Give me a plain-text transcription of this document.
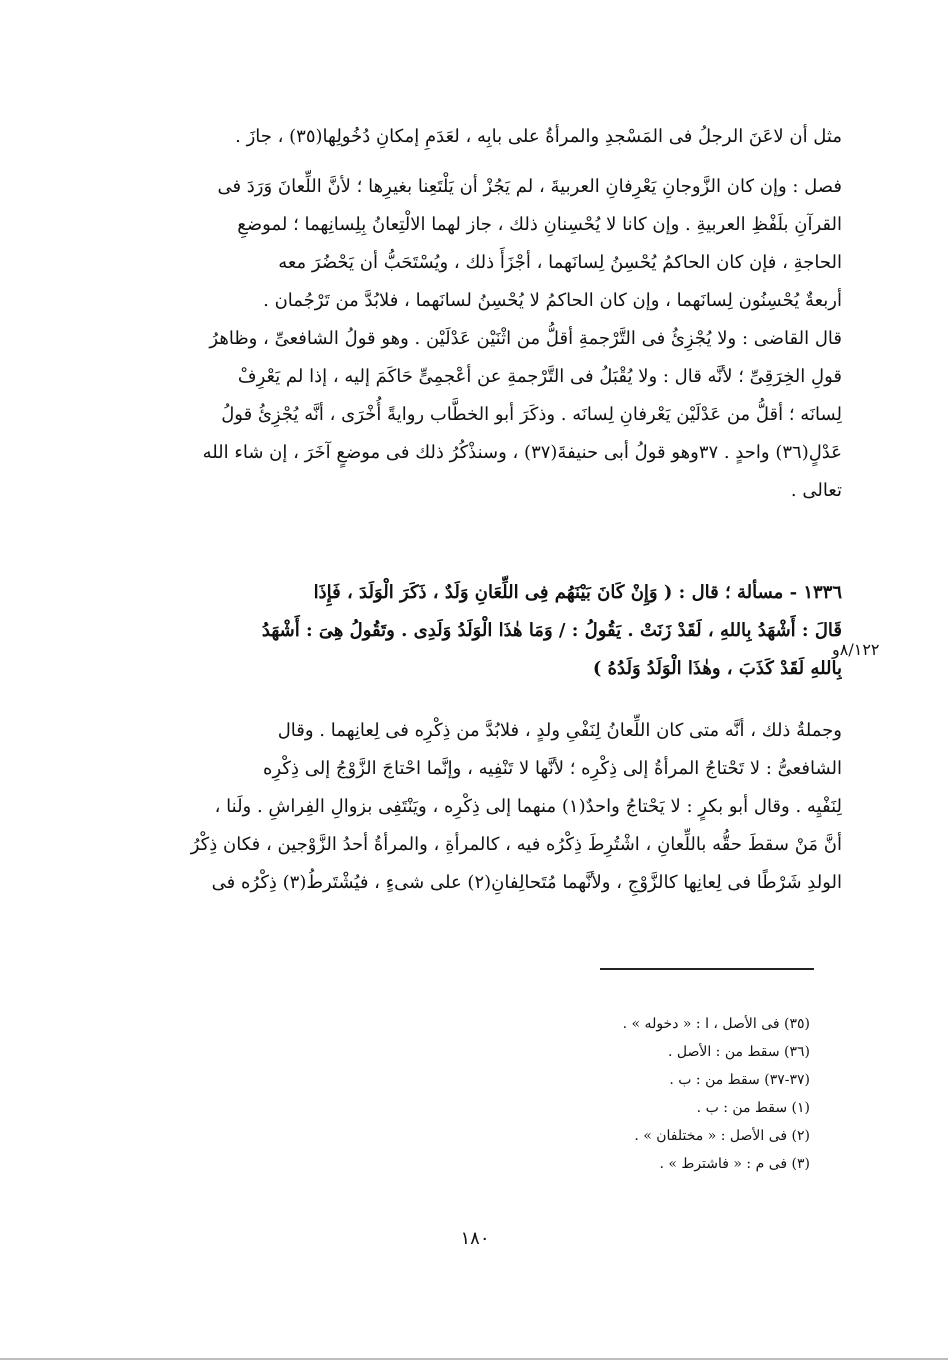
مثل أن لاعَنَ الرجلُ فى المَسْجدِ والمرأةُ على بابِه ، لعَدَمِ إمكانِ دُخُولِها(٣٥) ، جازَ .
فصل : وإن كان الزَّوجانِ يَعْرِفانِ العربيةَ ، لم يَجُزْ أن يَلْتَعِنا بغيرِها ؛ لأنَّ اللِّعانَ وَرَدَ فى
القرآنِ بلَفْظِ العربيةِ . وإن كانا لا يُحْسِنانِ ذلك ، جاز لهما الالْتِعانُ بِلِسانِهما ؛ لموضعِ
الحاجةِ ، فإن كان الحاكمُ يُحْسِنُ لِسانَهما ، أجْزَأَ ذلك ، ويُسْتَحَبُّ أن يَحْضُرَ معه
أربعةٌ يُحْسِنُون لِسانَهما ، وإن كان الحاكمُ لا يُحْسِنُ لسانَهما ، فلابُدَّ من تَرْجُمان .
قال القاضى : ولا يُجْزِئُ فى التَّرْجمةِ أقلُّ من اثْنَيْن عَدْلَيْن . وهو قولُ الشافعىِّ ، وظاهرُ
قولِ الخِرَقِىِّ ؛ لأنَّه قال : ولا يُقْبَلُ فى التَّرْجمةِ عن أعْجمِىٍّ حَاكَمَ إليه ، إذا لم يَعْرِفْ
لِسانَه ؛ أقلُّ من عَدْلَيْن يَعْرفانِ لِسانَه . وذكَرَ أبو الخطَّاب روايةً أُخْرَى ، أنَّه يُجْزِئُ قولُ
عَدْلٍ(٣٦) واحدٍ . ٣٧وهو قولُ أبى حنيفةَ(٣٧) ، وسنذْكُرُ ذلك فى موضعٍ آخَرَ ، إن شاء الله
تعالى .
١٣٣٦ - مسألة ؛ قال : ( وَإِنْ كَانَ بَيْنَهُم فِى اللِّعَانِ وَلَدٌ ، ذَكَرَ الْوَلَدَ ، فَإِذَا
قَالَ : أَشْهَدُ بِاللهِ ، لَقَدْ زَنَتْ . يَقُولُ : / وَمَا هٰذَا الْوَلَدُ وَلَدِى . وتَقُولُ هِىَ : أَشْهَدُ
بِاللهِ لَقَدْ كَذَبَ ، وهٰذَا الْوَلَدُ وَلَدُهُ )
٨/١٢٢و
وجملةُ ذلك ، أنَّه متى كان اللِّعانُ لِنَفْىِ ولدٍ ، فلابُدَّ من ذِكْرِه فى لِعانِهما . وقال
الشافعىُّ : لا تَحْتاجُ المرأةُ إلى ذِكْرِه ؛ لأنَّها لا تَنْفِيه ، وإنَّما احْتاجَ الزَّوْجُ إلى ذِكْرِه
لِنَفْيِه . وقال أبو بكرٍ : لا يَحْتاجُ واحدٌ(١) منهما إلى ذِكْرِه ، ويَنْتَفِى بزوالِ الفِراشِ . ولَنا ،
أنَّ مَنْ سقطَ حقُّه باللِّعانِ ، اشْتُرِطَ ذِكْرُه فيه ، كالمرأةِ ، والمرأةُ أحدُ الزَّوْجين ، فكان ذِكْرُ
الولدِ شَرْطًا فى لِعانِها كالزَّوْجِ ، ولأنَّهما مُتَحالِفانِ(٢) على شىءٍ ، فيُشْتَرطُ(٣) ذِكْرُه فى
(٣٥) فى الأصل ، ا : « دخوله » .
(٣٦) سقط من : الأصل .
(٣٧-٣٧) سقط من : ب .
(١) سقط من : ب .
(٢) فى الأصل : « مختلفان » .
(٣) فى م : « فاشترط » .
١٨٠
